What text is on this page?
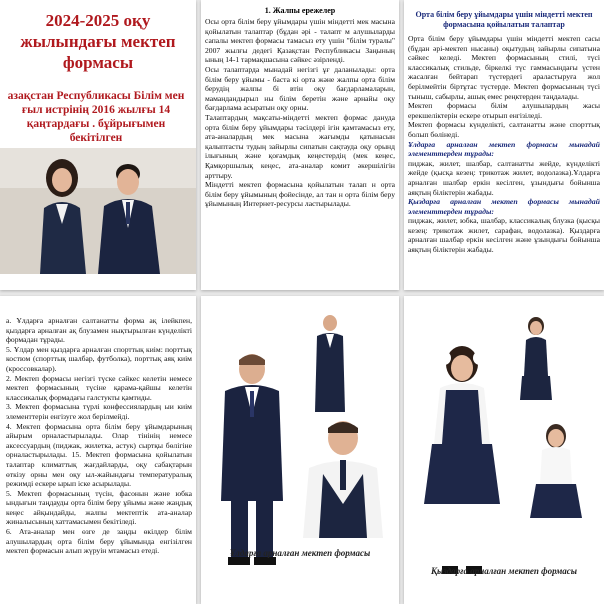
2024-2025 оқу жылындағы мектеп формасы
азақстан Республикасы Білім мен ғыл истрінің 2016 жылғы 14 қаңтардағы . бұйрығымен бекітілген
1. Жалпы ережелер
Осы орта білім беру ұйымдары үшін міндетті мек масына қойылатын талаптар (бұдан әрі - талапт м алушыларды сапалы мектеп формасы тамасыз ету үшін "білім туралы" 2007 жылғы дедегі Қазақстан Республикасы Заңының ының 14-1 тармақшасына сәйкес әзірленді.
Осы талаптарда мынадай негізгі ұғ даланылады: орта білім беру ұйымы - баста кі орта және жалпы орта білім берудің жалпы бі втін оқу бағдарламаларын, мамандандырыл ны білім беретін және арнайы оқу бағдарлама асыратын оқу орны.
Талаптардың мақсаты-міндетті мектеп формас дануда орта білім беру ұйымдары тәсілдері ігін қамтамасыз ету, ата-аналардың мек масына жағымды қатынасын қалыптасты тудың зайырлы сипатын сақтауда оқу орынд ілығының және қоғамдық кеңестердің (мек кеңес, Қамқоршылық кеңес, ата-аналар комит әкершілігін арттыру.
Міндетті мектеп формасына қойылатын талап н орта білім беру ұйымының фойесінде, ал тан н орта білім беру ұйымының Интернет-ресурсы ластырылады.
Орта білім беру ұйымдары үшін міндетті мектеп формасына қойылатын талаптар
Орта білім беру ұйымдары үшін міндетті мектеп сасы (бұдан әрі-мектеп нысаны) оқытудың зайырлы сипатына сәйкес келеді. Мектеп формасының стилі, түсі классикалық стильде, біркелкі түс гаммасындағы үстен жасалған бейтарап түстердегі араластыруға жол берілмейтін біртұтас түстерде. Мектеп формасының түсі тыныш, сабырлы, ашық емес реңктерден таңдалады.
Мектеп формасы білім алушылардың жасы ерекшеліктерін ескере отырып енгізіледі.
Мектеп формасы күнделікті, салтанатты және спорттық болып бөлінеді.
Ұлдарға арналған мектеп формасы мынадай элементтерден тұрады:
пиджак, жилет, шалбар, салтанатты жейде, күнделікті жейде (қысқа кезең: трикотаж жилет, водолазка).Ұлдарға арналған шалбар еркін кесілген, ұзындығы бойынша аяқтың біліктерін жабады.
Қыздарға арналған мектеп формасы мынадай элементтерден тұрады:
пиджак, жилет, юбка, шалбар, классикалық блузка (қысқы кезең: трикотаж жилет, сарафан, водолазка). Қыздарға арналған шалбар еркін кесілген және ұзындығы бойынша аяқтың біліктерін жабады.
а. Ұлдарға арналған салтанатты форма ақ ілейкпен, қыздарға арналған ақ блузамен нықтырылған күнделікті формадан тұрады.
5. Ұлдар мен қыздарға арналған спорттық киім: порттық костюм (спорттық шалбар, футболка), порттық аяқ киім (кроссовкалар).
2. Мектеп формасы негізгі түске сәйкес келетін немесе мектеп формасының түсіне қарама-қайшы келетін классикалық формадағы галстукты қамтиды.
3. Мектеп формасына түрлі конфессиялардың ыи киім элементтерін енгізуге жол берілмейді.
4. Мектеп формасына орта білім беру ұйымдарының айырым орналастырылады. Олар тінінің немесе аксессуардың (пиджак, жилетка, астук) сыртқы бөлігіне орналастырылады. 15. Мектеп формасына қойылатын талаптар климаттық жағдайларды, оқу сабақтарын өткізу орны мен оқу ыл-жайындағы температуралық режимді ескере ырып іске асырылады.
5. Мектеп формасының түсін, фасонын және юбка ындығын таңдауды орта білім беру ұйымы және жаңдық кеңес айқындайды, жалпы мектептік ата-аналар жиналысының хаттамасымен бекітіледі.
6. Ата-аналар мен өзге де заңды өкілдер білім алушылардың орта білім беру ұйымында енгізілген мектеп формасын алып жүруін мтамасыз етеді.	Ұлдарға арналған мектеп формасы
Қыздарға арналған мектеп формасы
